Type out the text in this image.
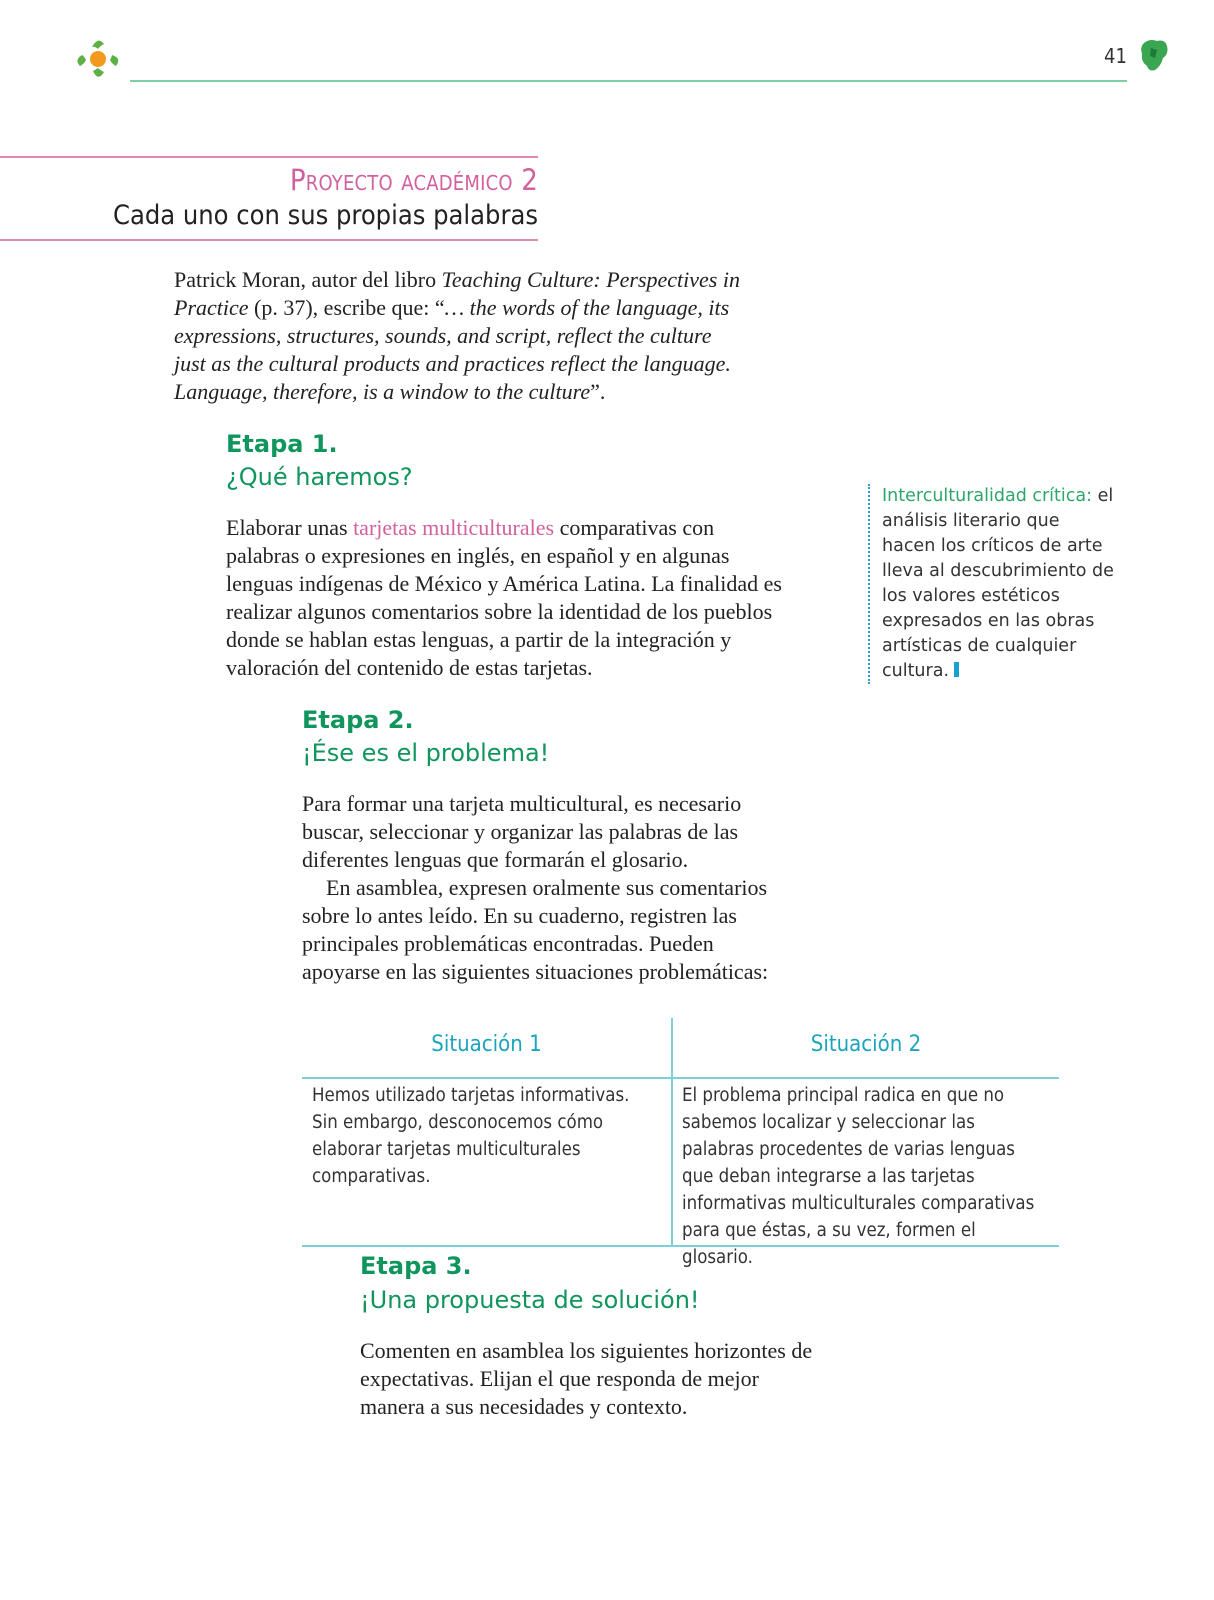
41
Proyecto académico 2
Cada uno con sus propias palabras

Patrick Moran, autor del libro Teaching Culture: Perspectives in Practice (p. 37), escribe que: “… the words of the language, its expressions, structures, sounds, and script, reflect the culture just as the cultural products and practices reflect the language. Language, therefore, is a window to the culture”.

Etapa 1.
¿Qué haremos?

Elaborar unas tarjetas multiculturales comparativas con palabras o expresiones en inglés, en español y en algunas lenguas indígenas de México y América Latina. La finalidad es realizar algunos comentarios sobre la identidad de los pueblos donde se hablan estas lenguas, a partir de la integración y valoración del contenido de estas tarjetas.

Interculturalidad crítica: el análisis literario que hacen los críticos de arte lleva al descubrimiento de los valores estéticos expresados en las obras artísticas de cualquier cultura.
Etapa 2.
¡Ése es el problema!

Para formar una tarjeta multicultural, es necesario buscar, seleccionar y organizar las palabras de las diferentes lenguas que formarán el glosario.

En asamblea, expresen oralmente sus comentarios sobre lo antes leído. En su cuaderno, registren las principales problemáticas encontradas. Pueden apoyarse en las siguientes situaciones problemáticas:

Situación 1	Situación 2
Hemos utilizado tarjetas informativas. Sin embargo, desconocemos cómo elaborar tarjetas multiculturales comparativas.
El problema principal radica en que no sabemos localizar y seleccionar las palabras procedentes de varias lenguas que deban integrarse a las tarjetas informativas multiculturales comparativas para que éstas, a su vez, formen el glosario.
Etapa 3.
¡Una propuesta de solución!

Comenten en asamblea los siguientes horizontes de expectativas. Elijan el que responda de mejor manera a sus necesidades y contexto.
